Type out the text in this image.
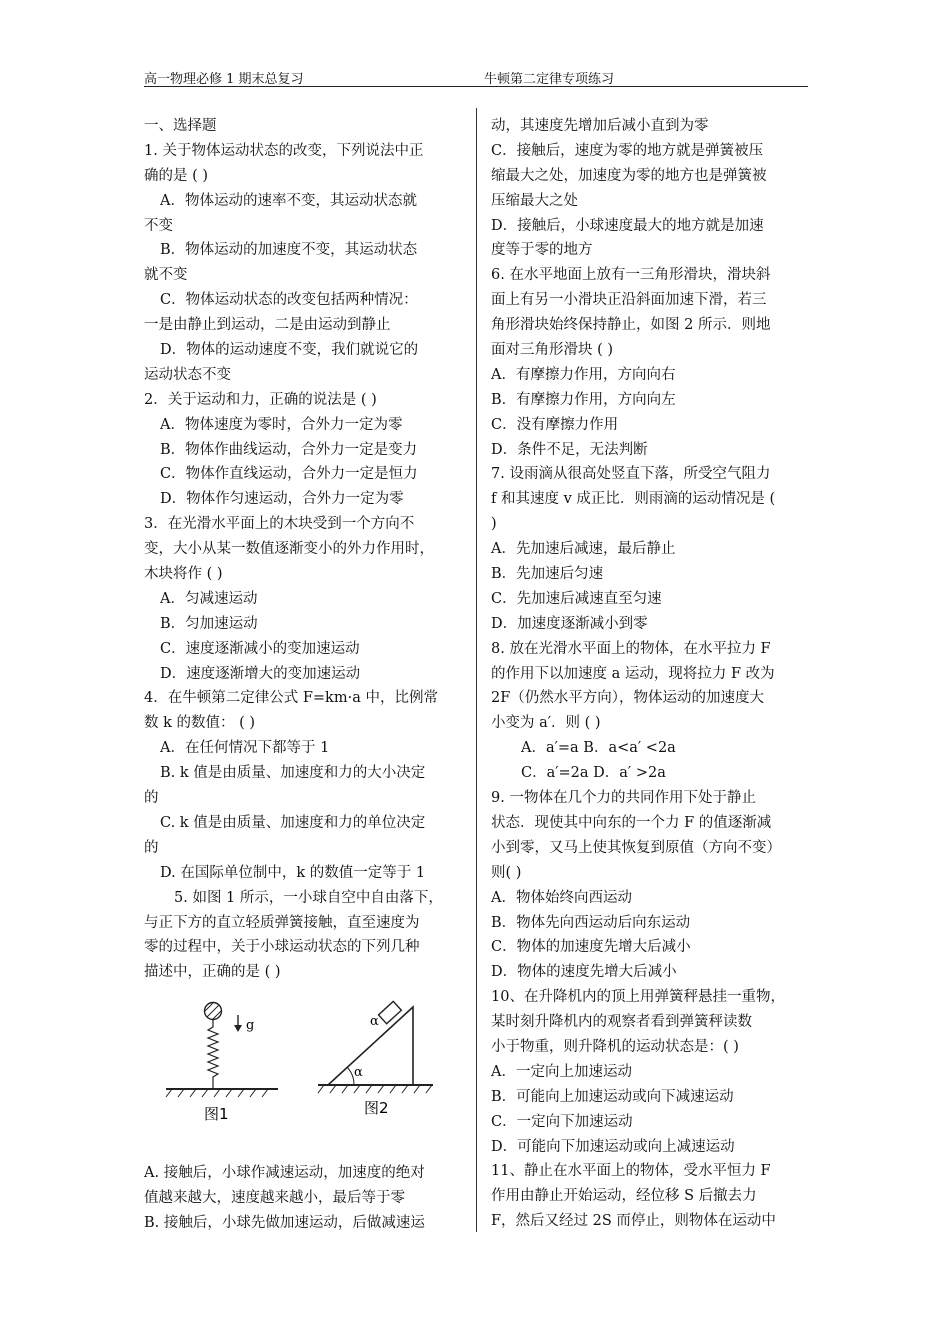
高一物理必修 1 期末总复习	牛顿第二定律专项练习
一、选择题
1. 关于物体运动状态的改变，下列说法中正
确的是 ( )
A．物体运动的速率不变，其运动状态就
不变
B．物体运动的加速度不变，其运动状态
就不变
C．物体运动状态的改变包括两种情况：
一是由静止到运动，二是由运动到静止
D．物体的运动速度不变，我们就说它的
运动状态不变
2．关于运动和力，正确的说法是 ( )
A．物体速度为零时，合外力一定为零
B．物体作曲线运动，合外力一定是变力
C．物体作直线运动，合外力一定是恒力
D．物体作匀速运动，合外力一定为零
3．在光滑水平面上的木块受到一个方向不
变，大小从某一数值逐渐变小的外力作用时，
木块将作 ( )
A．匀减速运动
B．匀加速运动
C．速度逐渐减小的变加速运动
D．速度逐渐增大的变加速运动
4．在牛顿第二定律公式 F=km·a 中，比例常
数 k 的数值： ( )
A．在任何情况下都等于 1
B. k 值是由质量、加速度和力的大小决定
的
C. k 值是由质量、加速度和力的单位决定
的
D. 在国际单位制中，k 的数值一定等于 1
5. 如图 1 所示，一小球自空中自由落下，
与正下方的直立轻质弹簧接触，直至速度为
零的过程中，关于小球运动状态的下列几种
描述中，正确的是 ( )
g
图1
α
α
图2
A. 接触后，小球作减速运动，加速度的绝对
值越来越大，速度越来越小，最后等于零
B. 接触后，小球先做加速运动，后做减速运
动，其速度先增加后减小直到为零
C．接触后，速度为零的地方就是弹簧被压
缩最大之处，加速度为零的地方也是弹簧被
压缩最大之处
D．接触后，小球速度最大的地方就是加速
度等于零的地方
6. 在水平地面上放有一三角形滑块，滑块斜
面上有另一小滑块正沿斜面加速下滑，若三
角形滑块始终保持静止，如图 2 所示．则地
面对三角形滑块 ( )
A．有摩擦力作用，方向向右
B．有摩擦力作用，方向向左
C．没有摩擦力作用
D．条件不足，无法判断
7. 设雨滴从很高处竖直下落，所受空气阻力
f 和其速度 v 成正比．则雨滴的运动情况是 (
)
A．先加速后减速，最后静止
B．先加速后匀速
C．先加速后减速直至匀速
D．加速度逐渐减小到零
8. 放在光滑水平面上的物体，在水平拉力 F
的作用下以加速度 a 运动，现将拉力 F 改为
2F（仍然水平方向），物体运动的加速度大
小变为 a′．则 ( )
A．a′=a B．a<a′ <2a
C．a′=2a D．a′ >2a
9. 一物体在几个力的共同作用下处于静止
状态．现使其中向东的一个力 F 的值逐渐减
小到零，又马上使其恢复到原值（方向不变）
则( )
A．物体始终向西运动
B．物体先向西运动后向东运动
C．物体的加速度先增大后减小
D．物体的速度先增大后减小
10、在升降机内的顶上用弹簧秤悬挂一重物，
某时刻升降机内的观察者看到弹簧秤读数
小于物重，则升降机的运动状态是：( )
A．一定向上加速运动
B．可能向上加速运动或向下减速运动
C．一定向下加速运动
D．可能向下加速运动或向上减速运动
11、静止在水平面上的物体，受水平恒力 F
作用由静止开始运动，经位移 S 后撤去力
F，然后又经过 2S 而停止，则物体在运动中
